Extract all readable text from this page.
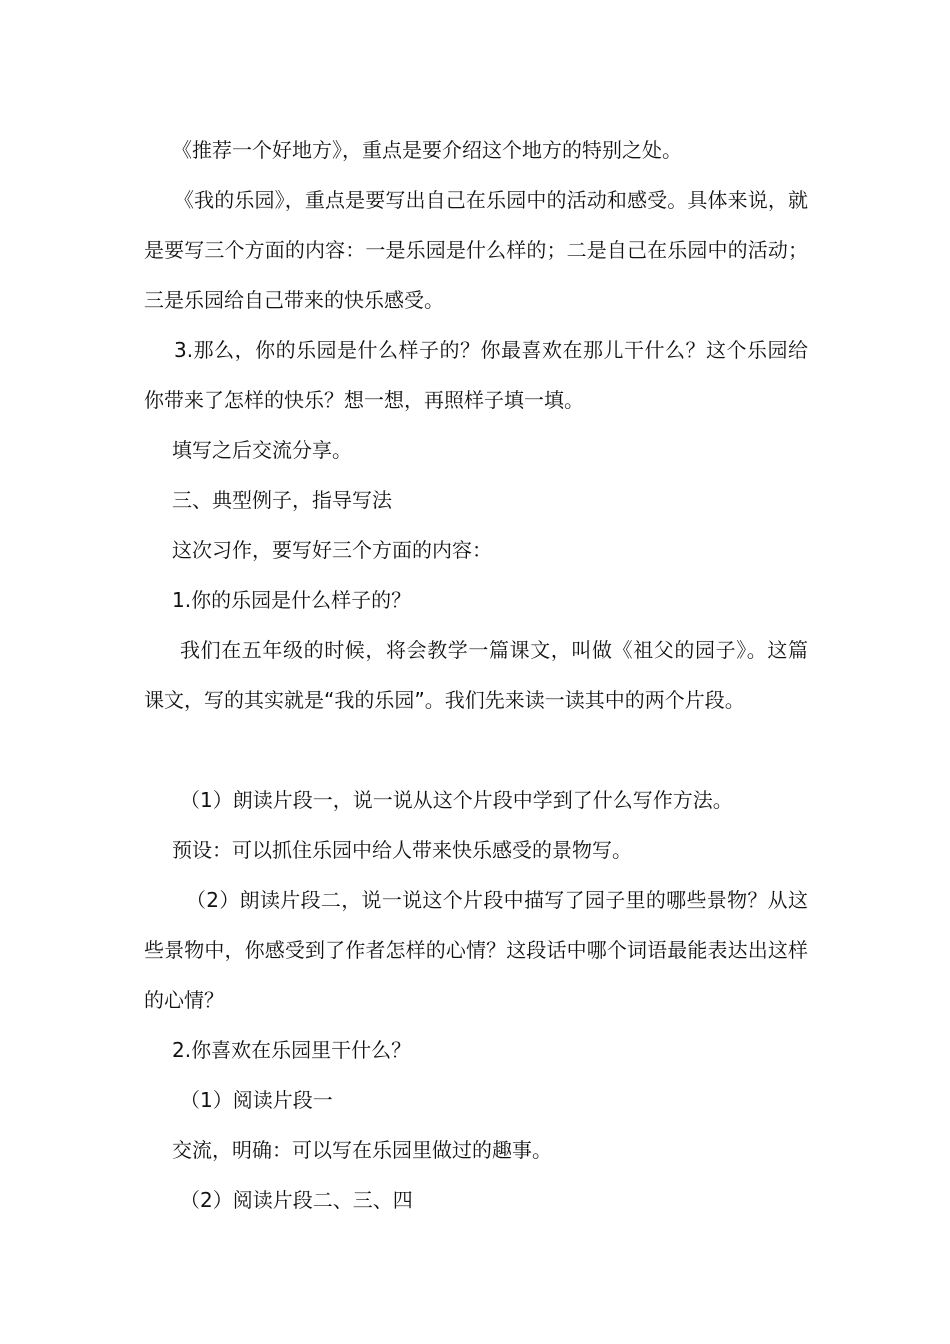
《推荐一个好地方》，重点是要介绍这个地方的特别之处。

《我的乐园》，重点是要写出自己在乐园中的活动和感受。具体来说，就是要写三个方面的内容：一是乐园是什么样的；二是自己在乐园中的活动；三是乐园给自己带来的快乐感受。

3.那么，你的乐园是什么样子的？你最喜欢在那儿干什么？这个乐园给你带来了怎样的快乐？想一想，再照样子填一填。

填写之后交流分享。

三、典型例子，指导写法

这次习作，要写好三个方面的内容：

1.你的乐园是什么样子的？

我们在五年级的时候，将会教学一篇课文，叫做《祖父的园子》。这篇课文，写的其实就是“我的乐园”。我们先来读一读其中的两个片段。

（1）朗读片段一，说一说从这个片段中学到了什么写作方法。

预设：可以抓住乐园中给人带来快乐感受的景物写。

（2）朗读片段二，说一说这个片段中描写了园子里的哪些景物？从这些景物中，你感受到了作者怎样的心情？这段话中哪个词语最能表达出这样的心情？

2.你喜欢在乐园里干什么？

（1）阅读片段一

交流，明确：可以写在乐园里做过的趣事。

（2）阅读片段二、三、四
